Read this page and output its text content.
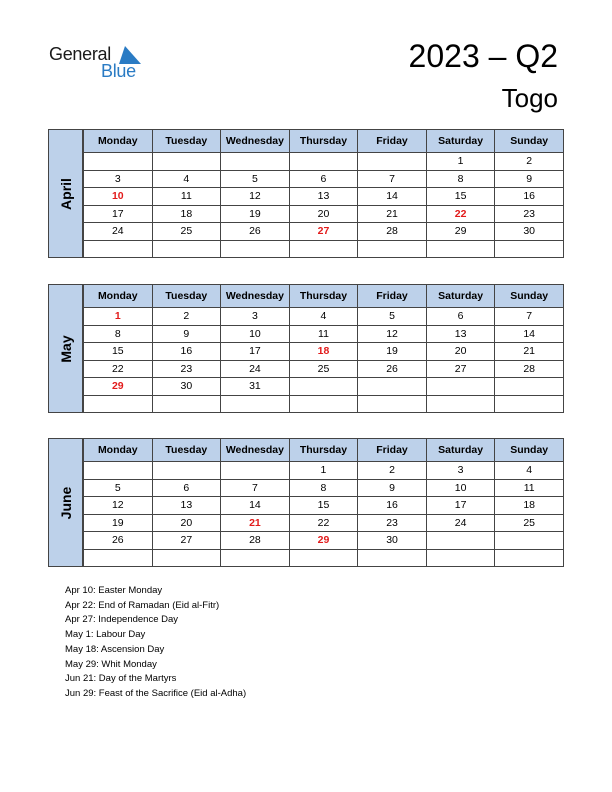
General
Blue	2023 – Q2
Togo
Monday	Tuesday	Wednesday	Thursday	Friday	Saturday	Sunday
					1	2
3	4	5	6	7	8	9
10	11	12	13	14	15	16
17	18	19	20	21	22	23
24	25	26	27	28	29	30

April
Monday	Tuesday	Wednesday	Thursday	Friday	Saturday	Sunday
1	2	3	4	5	6	7
8	9	10	11	12	13	14
15	16	17	18	19	20	21
22	23	24	25	26	27	28
29	30	31				

May
Monday	Tuesday	Wednesday	Thursday	Friday	Saturday	Sunday
			1	2	3	4
5	6	7	8	9	10	11
12	13	14	15	16	17	18
19	20	21	22	23	24	25
26	27	28	29	30		

June
Apr 10: Easter Monday
Apr 22: End of Ramadan (Eid al-Fitr)
Apr 27: Independence Day
May 1: Labour Day
May 18: Ascension Day
May 29: Whit Monday
Jun 21: Day of the Martyrs
Jun 29: Feast of the Sacrifice (Eid al-Adha)
